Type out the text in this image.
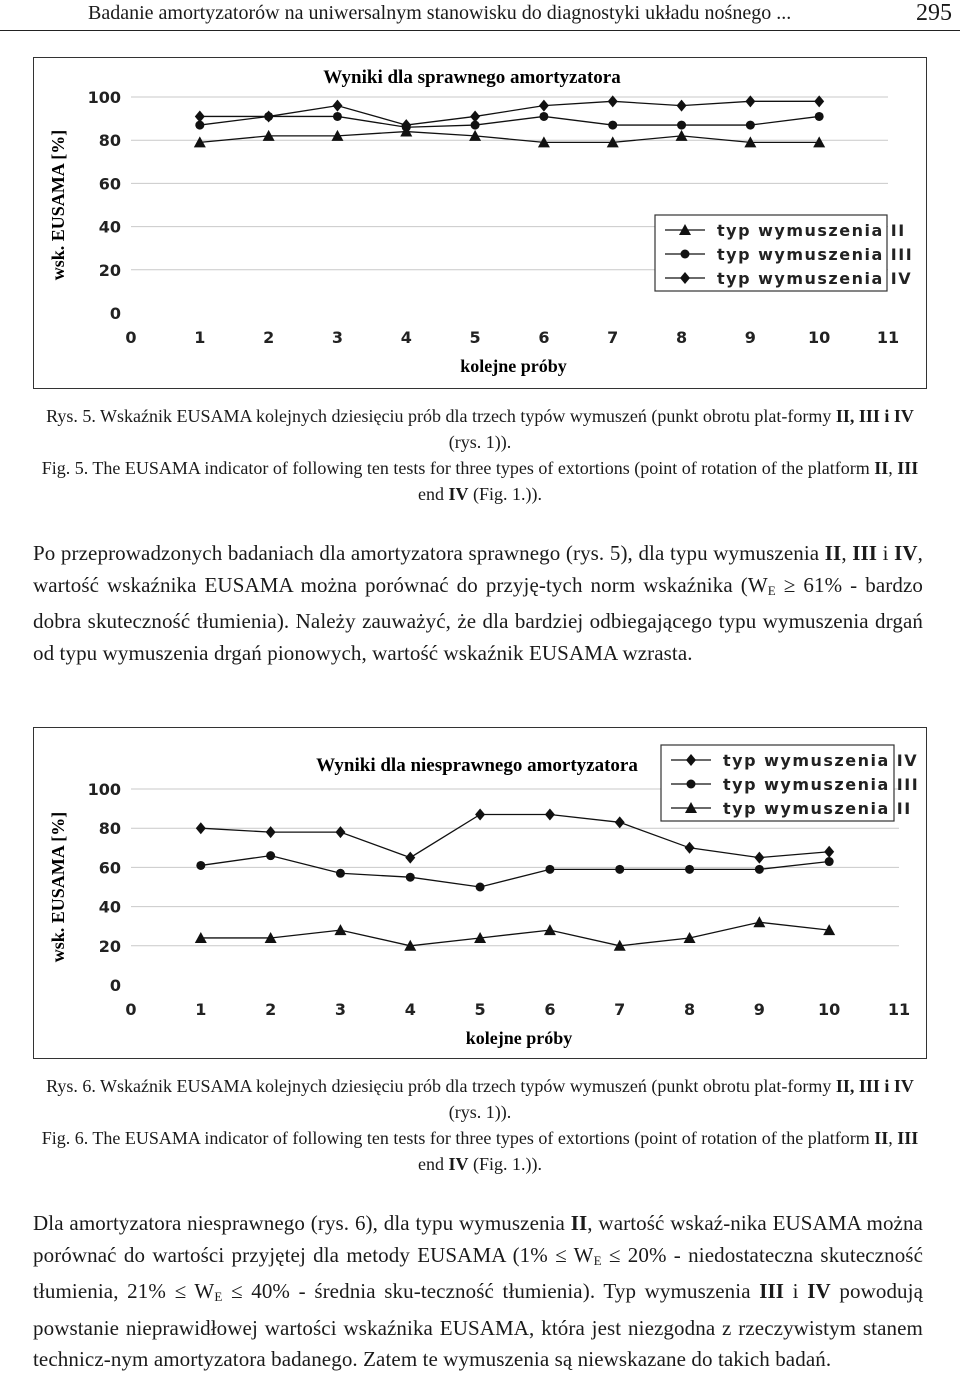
Badanie amortyzatorów na uniwersalnym stanowisku do diagnostyki układu nośnego ...	295
0
20
40
60
80
100
0	1	2	3	4	5	6	7	8	9	10	11
Wyniki dla sprawnego amortyzatora
kolejne próby
wsk. EUSAMA [%]	typ wymuszenia II
typ wymuszenia III
typ wymuszenia IV
Rys. 5. Wskaźnik EUSAMA kolejnych dziesięciu prób dla trzech typów wymuszeń (punkt obrotu plat-formy II, III i IV (rys. 1)).
Fig. 5. The EUSAMA indicator of following ten tests for three types of extortions (point of rotation of the platform II, III end IV (Fig. 1.)).
Po przeprowadzonych badaniach dla amortyzatora sprawnego (rys. 5), dla typu wymuszenia II, III i IV, wartość wskaźnika EUSAMA można porównać do przyję-tych norm wskaźnika ($W_E \ge 61\%$ - bardzo dobra skuteczność tłumienia). Należy zauważyć, że dla bardziej odbiegającego typu wymuszenia drgań od typu wymuszenia drgań pionowych, wartość wskaźnik EUSAMA wzrasta.
0
20
40
60
80
100
0	1	2	3	4	5	6	7	8	9	10	11
Wyniki dla niesprawnego amortyzatora
kolejne próby
wsk. EUSAMA [%]
typ wymuszenia IV
typ wymuszenia III
typ wymuszenia II
Rys. 6. Wskaźnik EUSAMA kolejnych dziesięciu prób dla trzech typów wymuszeń (punkt obrotu plat-formy II, III i IV (rys. 1)).
Fig. 6. The EUSAMA indicator of following ten tests for three types of extortions (point of rotation of the platform II, III end IV (Fig. 1.)).
Dla amortyzatora niesprawnego (rys. 6), dla typu wymuszenia II, wartość wskaź-nika EUSAMA można porównać do wartości przyjętej dla metody EUSAMA ($1\% \le W_E \le 20\%$ - niedostateczna skuteczność tłumienia, $21\% \le W_E \le 40\%$ - średnia sku-teczność tłumienia). Typ wymuszenia III i IV powodują powstanie nieprawidłowej wartości wskaźnika EUSAMA, która jest niezgodna z rzeczywistym stanem technicz-nym amortyzatora badanego. Zatem te wymuszenia są niewskazane do takich badań.
